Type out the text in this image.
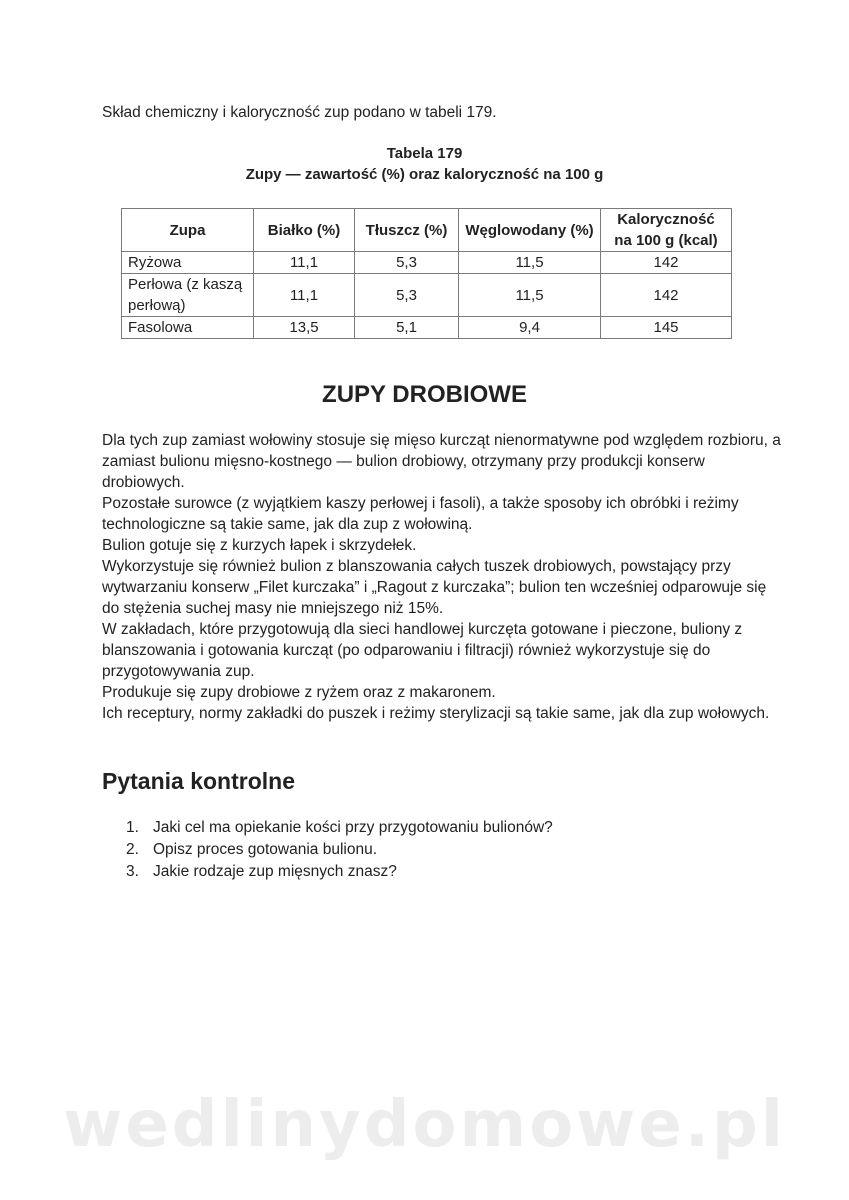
Skład chemiczny i kaloryczność zup podano w tabeli 179.
Tabela 179
Zupy — zawartość (%) oraz kaloryczność na 100 g
Zupa	Białko (%)	Tłuszcz (%)	Węglowodany (%)	Kaloryczność na 100 g (kcal)
Ryżowa	11,1	5,3	11,5	142
Perłowa (z kaszą perłową)	11,1	5,3	11,5	142
Fasolowa	13,5	5,1	9,4	145
ZUPY DROBIOWE

Dla tych zup zamiast wołowiny stosuje się mięso kurcząt nienormatywne pod względem rozbioru, a zamiast bulionu mięsno-kostnego — bulion drobiowy, otrzymany przy produkcji konserw drobiowych.

Pozostałe surowce (z wyjątkiem kaszy perłowej i fasoli), a także sposoby ich obróbki i reżimy technologiczne są takie same, jak dla zup z wołowiną.

Bulion gotuje się z kurzych łapek i skrzydełek.

Wykorzystuje się również bulion z blanszowania całych tuszek drobiowych, powstający przy wytwarzaniu konserw „Filet kurczaka” i „Ragout z kurczaka”; bulion ten wcześniej odparowuje się do stężenia suchej masy nie mniejszego niż 15%.

W zakładach, które przygotowują dla sieci handlowej kurczęta gotowane i pieczone, buliony z blanszowania i gotowania kurcząt (po odparowaniu i filtracji) również wykorzystuje się do przygotowywania zup.

Produkuje się zupy drobiowe z ryżem oraz z makaronem.

Ich receptury, normy zakładki do puszek i reżimy sterylizacji są takie same, jak dla zup wołowych.

Pytania kontrolne
1. Jaki cel ma opiekanie kości przy przygotowaniu bulionów?
2. Opisz proces gotowania bulionu.
3. Jakie rodzaje zup mięsnych znasz?
wedlinydomowe.pl
